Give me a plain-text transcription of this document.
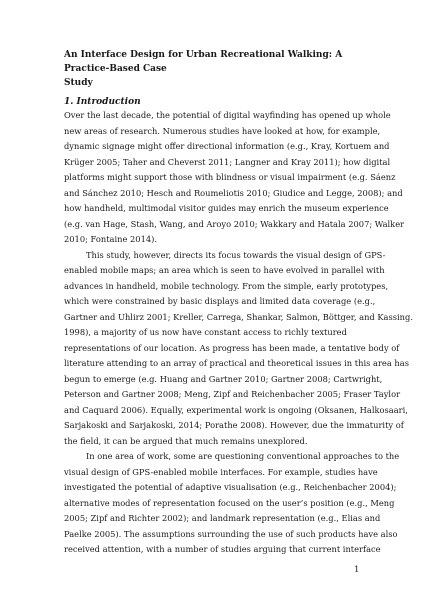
An Interface Design for Urban Recreational Walking: A Practice-Based Case
Study
1. Introduction
Over the last decade, the potential of digital wayfinding has opened up whole
new areas of research. Numerous studies have looked at how, for example,
dynamic signage might offer directional information (e.g., Kray, Kortuem and
Krüger 2005; Taher and Cheverst 2011; Langner and Kray 2011); how digital
platforms might support those with blindness or visual impairment (e.g. Sáenz
and Sánchez 2010; Hesch and Roumeliotis 2010; Giudice and Legge, 2008); and
how handheld, multimodal visitor guides may enrich the museum experience
(e.g. van Hage, Stash, Wang, and Aroyo 2010; Wakkary and Hatala 2007; Walker
2010; Fontaine 2014).
This study, however, directs its focus towards the visual design of GPS-
enabled mobile maps; an area which is seen to have evolved in parallel with
advances in handheld, mobile technology. From the simple, early prototypes,
which were constrained by basic displays and limited data coverage (e.g.,
Gartner and Uhlirz 2001; Kreller, Carrega, Shankar, Salmon, Böttger, and Kassing.
1998), a majority of us now have constant access to richly textured
representations of our location. As progress has been made, a tentative body of
literature attending to an array of practical and theoretical issues in this area has
begun to emerge (e.g. Huang and Gartner 2010; Gartner 2008; Cartwright,
Peterson and Gartner 2008; Meng, Zipf and Reichenbacher 2005; Fraser Taylor
and Caquard 2006). Equally, experimental work is ongoing (Oksanen, Halkosaari,
Sarjakoski and Sarjakoski, 2014; Porathe 2008). However, due the immaturity of
the field, it can be argued that much remains unexplored.
In one area of work, some are questioning conventional approaches to the
visual design of GPS-enabled mobile interfaces. For example, studies have
investigated the potential of adaptive visualisation (e.g., Reichenbacher 2004);
alternative modes of representation focused on the user’s position (e.g., Meng
2005; Zipf and Richter 2002); and landmark representation (e.g., Elias and
Paelke 2005). The assumptions surrounding the use of such products have also
received attention, with a number of studies arguing that current interface
1
